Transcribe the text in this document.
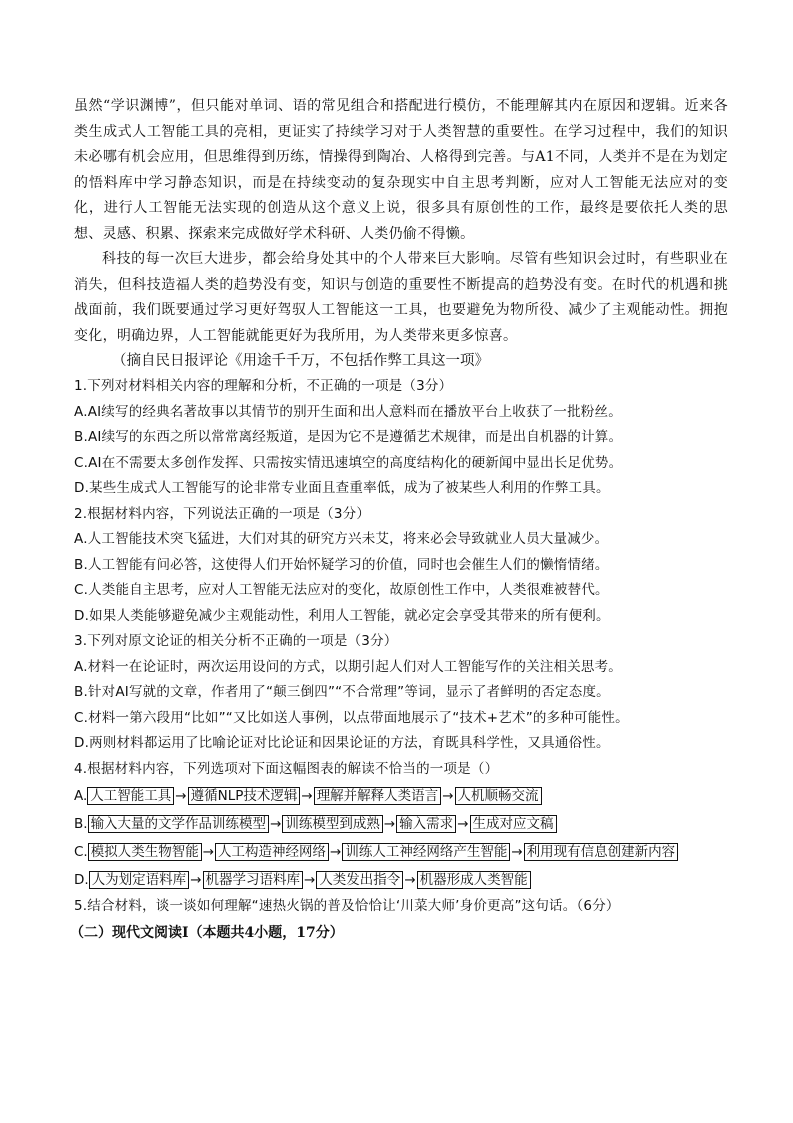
虽然“学识渊博”，但只能对单词、语的常见组合和搭配进行模仿，不能理解其内在原因和逻辑。近来各类生成式人工智能工具的亮相，更证实了持续学习对于人类智慧的重要性。在学习过程中，我们的知识未必哪有机会应用，但思维得到历练，情操得到陶冶、人格得到完善。与A1不同，人类并不是在为划定的悟料库中学习静态知识，而是在持续变动的复杂现实中自主思考判断，应对人工智能无法应对的变化，进行人工智能无法实现的创造从这个意义上说，很多具有原创性的工作，最终是要依托人类的思想、灵感、积累、探索来完成做好学术科研、人类仍偷不得懒。

科技的每一次巨大进步，都会给身处其中的个人带来巨大影响。尽管有些知识会过时，有些职业在消失，但科技造福人类的趋势没有变，知识与创造的重要性不断提高的趋势没有变。在时代的机遇和挑战面前，我们既要通过学习更好驾驭人工智能这一工具，也要避免为物所役、减少了主观能动性。拥抱变化，明确边界，人工智能就能更好为我所用，为人类带来更多惊喜。

（摘自民日报评论《用途千千万，不包括作弊工具这一项》

1.下列对材料相关内容的理解和分析，不正确的一项是（3分）

A.AI续写的经典名著故事以其情节的别开生面和出人意料而在播放平台上收获了一批粉丝。

B.AI续写的东西之所以常常离经叛道，是因为它不是遵循艺术规律，而是出自机器的计算。

C.AI在不需要太多创作发挥、只需按实情迅速填空的高度结构化的硬新闻中显出长足优势。

D.某些生成式人工智能写的论非常专业面且查重率低，成为了被某些人利用的作弊工具。

2.根据材料内容，下列说法正确的一项是（3分）

A.人工智能技术突飞猛进，大们对其的研究方兴未艾，将来必会导致就业人员大量减少。

B.人工智能有问必答，这使得人们开始怀疑学习的价值，同时也会催生人们的懒惰情绪。

C.人类能自主思考，应对人工智能无法应对的变化，故原创性工作中，人类很难被替代。

D.如果人类能够避免减少主观能动性，利用人工智能，就必定会享受其带来的所有便利。

3.下列对原文论证的相关分析不正确的一项是（3分）

A.材料一在论证时，两次运用设问的方式，以期引起人们对人工智能写作的关注相关思考。

B.针对AI写就的文章，作者用了“颠三倒四”“不合常理”等词，显示了者鲜明的否定态度。

C.材料一第六段用“比如”“又比如送人事例，以点带面地展示了“技术+艺术”的多种可能性。

D.两则材料都运用了比喻论证对比论证和因果论证的方法，育既具科学性，又具通俗性。

4.根据材料内容，下列选项对下面这幅图表的解读不恰当的一项是（）

A. 人工智能工具 → 遵循NLP技术逻辑 → 理解并解释人类语言 → 人机顺畅交流

B. 输入大量的文学作品训练模型 → 训练模型到成熟 → 输入需求 → 生成对应文稿

C. 模拟人类生物智能 → 人工构造神经网络 → 训练人工神经网络产生智能 → 利用现有信息创建新内容

D. 人为划定语料库 → 机器学习语料库 → 人类发出指令 → 机器形成人类智能

5.结合材料，谈一谈如何理解“速热火锅的普及恰恰让‘川菜大师’身价更高”这句话。（6分）

（二）现代文阅读I（本题共4小题，17分）
